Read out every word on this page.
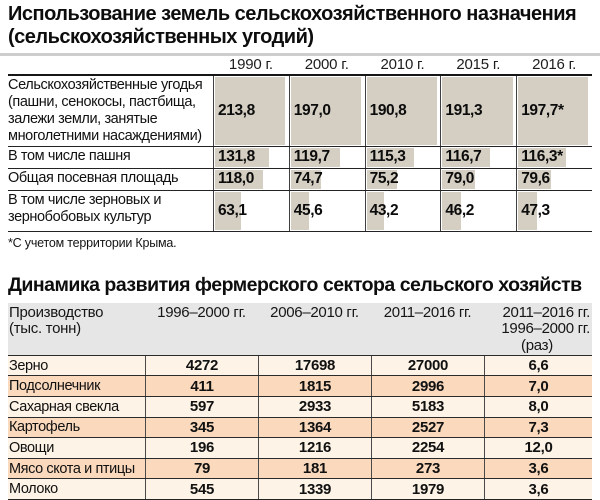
Использование земель сельскохозяйственного назначения
(сельскохозяйственных угодий)
1990 г.	2000 г.	2010 г.	2015 г.	2016 г.
Сельскохозяйственные угодья (пашни, сенокосы, пастбища, залежи земли, занятые многолетними насаждениями)
213,8	197,0	190,8	191,3	197,7*
В том числе пашня	131,8	119,7	115,3	116,7	116,3*
Общая посевная площадь	118,0	74,7	75,2	79,0	79,6
В том числе зерновых и зернобобовых культур	63,1	45,6	43,2	46,2	47,3
*С учетом территории Крыма.
Динамика развития фермерского сектора сельского хозяйств
Производство
(тыс. тонн)
1996–2000 гг.	2006–2010 гг.	2011–2016 гг.	2011–2016 гг.
1996–2000 гг.
(раз)
Зерно	4272	17698	27000	6,6
Подсолнечник	411	1815	2996	7,0
Сахарная свекла	597	2933	5183	8,0
Картофель	345	1364	2527	7,3
Овощи	196	1216	2254	12,0
Мясо скота и птицы	79	181	273	3,6
Молоко	545	1339	1979	3,6
